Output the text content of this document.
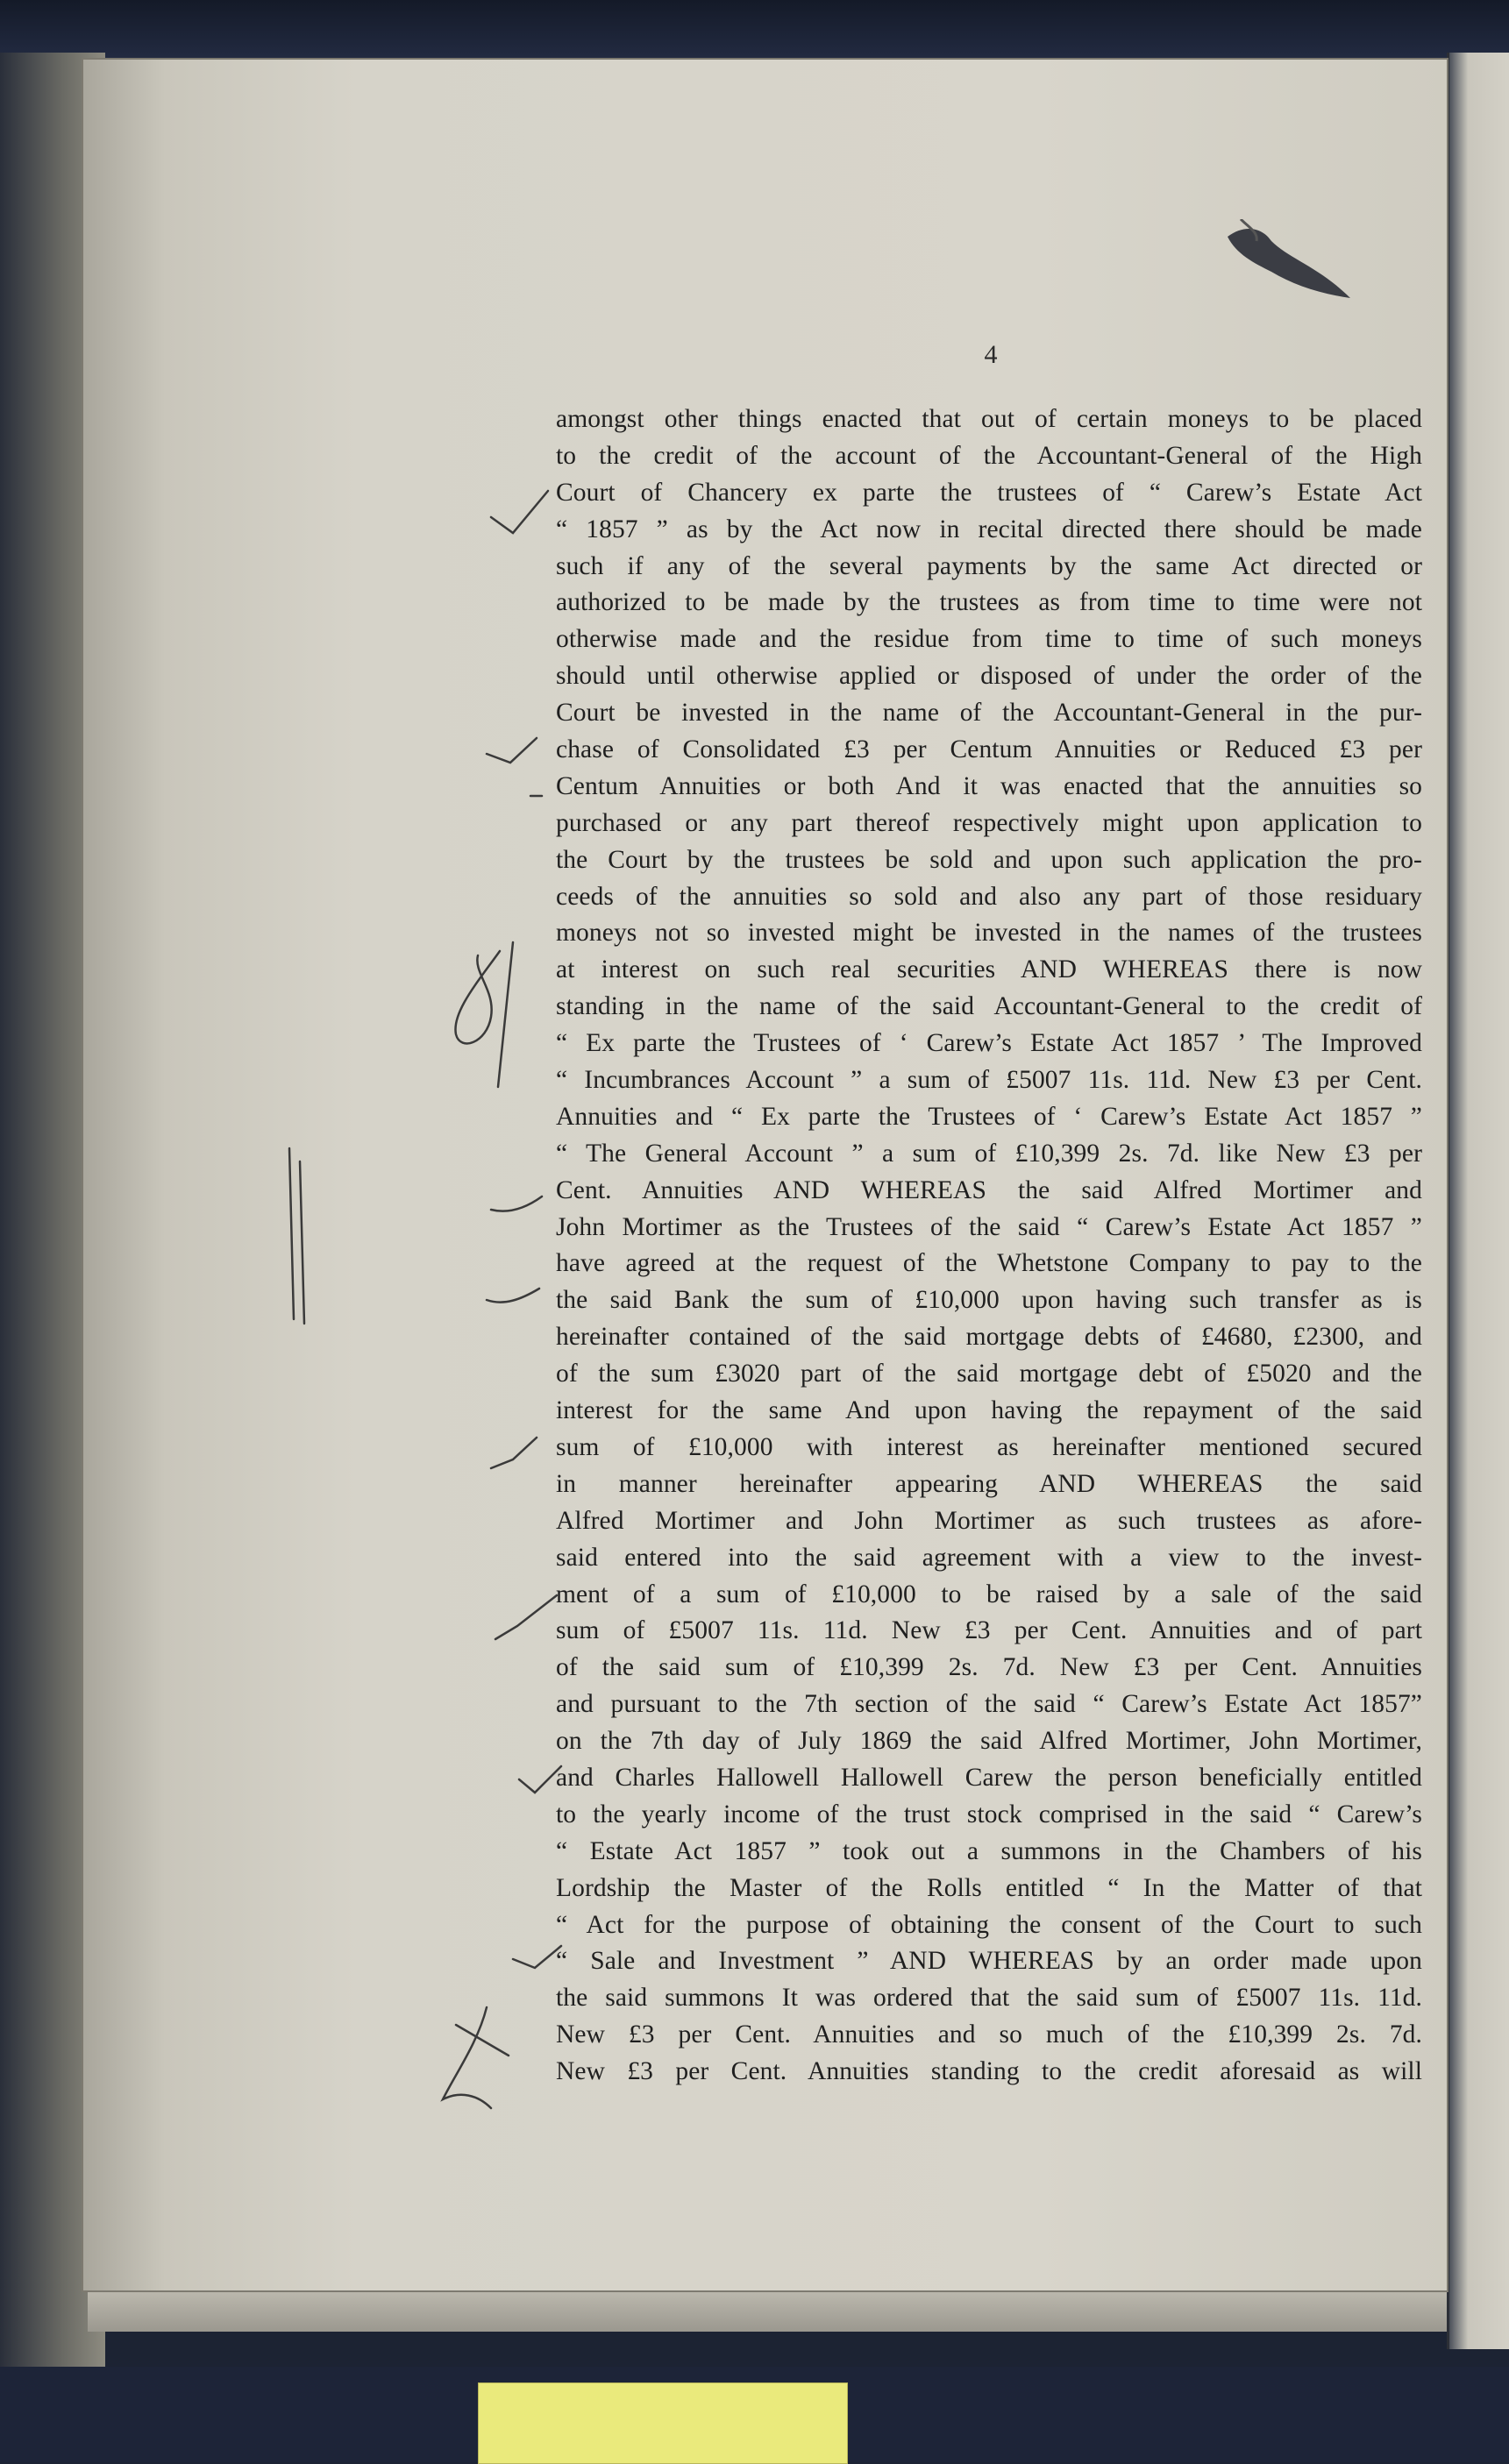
4
amongst other things enacted that out of certain moneys to be placed
to the credit of the account of the Accountant-General of the High
Court of Chancery ex parte the trustees of “ Carew’s Estate Act
“ 1857 ” as by the Act now in recital directed there should be made
such if any of the several payments by the same Act directed or
authorized to be made by the trustees as from time to time were not
otherwise made and the residue from time to time of such moneys
should until otherwise applied or disposed of under the order of the
Court be invested in the name of the Accountant-General in the pur-
chase of Consolidated £3 per Centum Annuities or Reduced £3 per
Centum Annuities or both And it was enacted that the annuities so
purchased or any part thereof respectively might upon application to
the Court by the trustees be sold and upon such application the pro-
ceeds of the annuities so sold and also any part of those residuary
moneys not so invested might be invested in the names of the trustees
at interest on such real securities AND WHEREAS there is now
standing in the name of the said Accountant-General to the credit of
“ Ex parte the Trustees of ‘ Carew’s Estate Act 1857 ’ The Improved
“ Incumbrances Account ” a sum of £5007 11s. 11d. New £3 per Cent.
Annuities and “ Ex parte the Trustees of ‘ Carew’s Estate Act 1857 ”
“ The General Account ” a sum of £10,399 2s. 7d. like New £3 per
Cent. Annuities AND WHEREAS the said Alfred Mortimer and
John Mortimer as the Trustees of the said “ Carew’s Estate Act 1857 ”
have agreed at the request of the Whetstone Company to pay to the
the said Bank the sum of £10,000 upon having such transfer as is
hereinafter contained of the said mortgage debts of £4680, £2300, and
of the sum £3020 part of the said mortgage debt of £5020 and the
interest for the same And upon having the repayment of the said
sum of £10,000 with interest as hereinafter mentioned secured
in manner hereinafter appearing AND WHEREAS the said
Alfred Mortimer and John Mortimer as such trustees as afore-
said entered into the said agreement with a view to the invest-
ment of a sum of £10,000 to be raised by a sale of the said
sum of £5007 11s. 11d. New £3 per Cent. Annuities and of part
of the said sum of £10,399 2s. 7d. New £3 per Cent. Annuities
and pursuant to the 7th section of the said “ Carew’s Estate Act 1857”
on the 7th day of July 1869 the said Alfred Mortimer, John Mortimer,
and Charles Hallowell Hallowell Carew the person beneficially entitled
to the yearly income of the trust stock comprised in the said “ Carew’s
“ Estate Act 1857 ” took out a summons in the Chambers of his
Lordship the Master of the Rolls entitled “ In the Matter of that
“ Act for the purpose of obtaining the consent of the Court to such
“ Sale and Investment ” AND WHEREAS by an order made upon
the said summons It was ordered that the said sum of £5007 11s. 11d.
New £3 per Cent. Annuities and so much of the £10,399 2s. 7d.
New £3 per Cent. Annuities standing to the credit aforesaid as will
